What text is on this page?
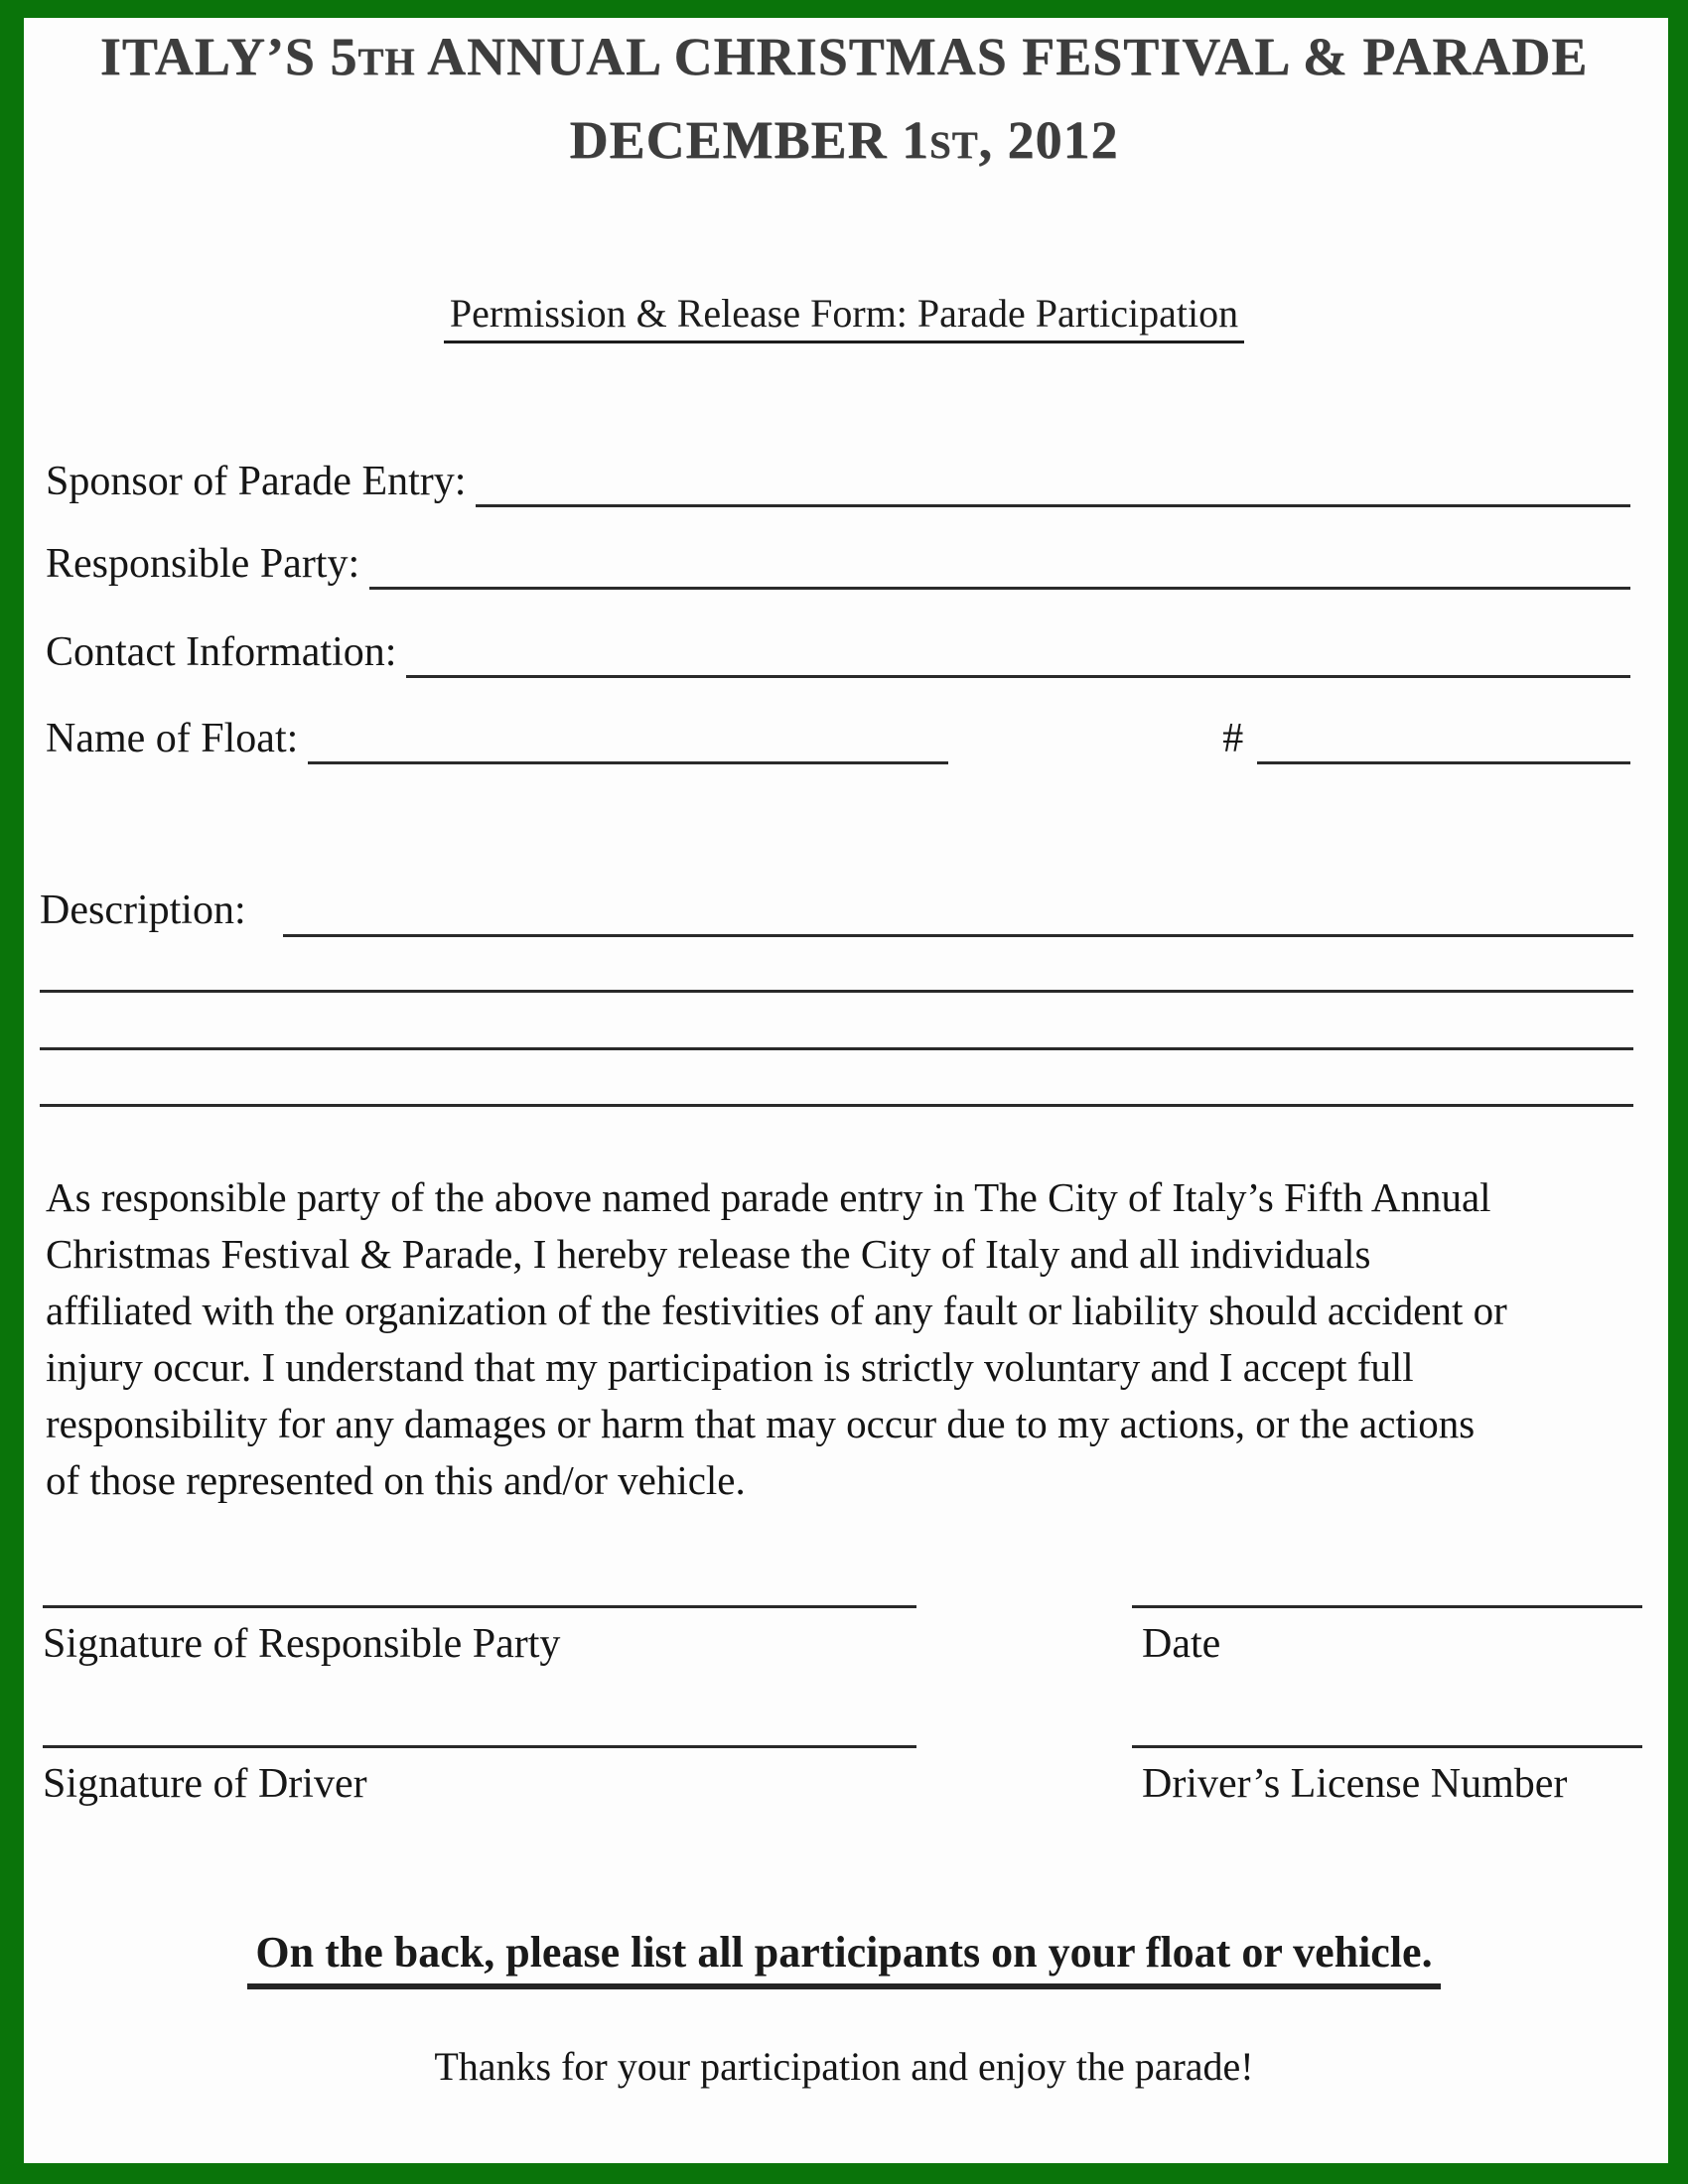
ITALY’S 5TH ANNUAL CHRISTMAS FESTIVAL & PARADE
DECEMBER 1ST, 2012
Permission & Release Form: Parade Participation
Sponsor of Parade Entry:
Responsible Party:
Contact Information:
Name of Float:	#
Description:
As responsible party of the above named parade entry in The City of Italy’s Fifth Annual
Christmas Festival & Parade, I hereby release the City of Italy and all individuals
affiliated with the organization of the festivities of any fault or liability should accident or
injury occur. I understand that my participation is strictly voluntary and I accept full
responsibility for any damages or harm that may occur due to my actions, or the actions
of those represented on this and/or vehicle.
Signature of Responsible Party	Date
Signature of Driver	Driver’s License Number
On the back, please list all participants on your float or vehicle.
Thanks for your participation and enjoy the parade!
